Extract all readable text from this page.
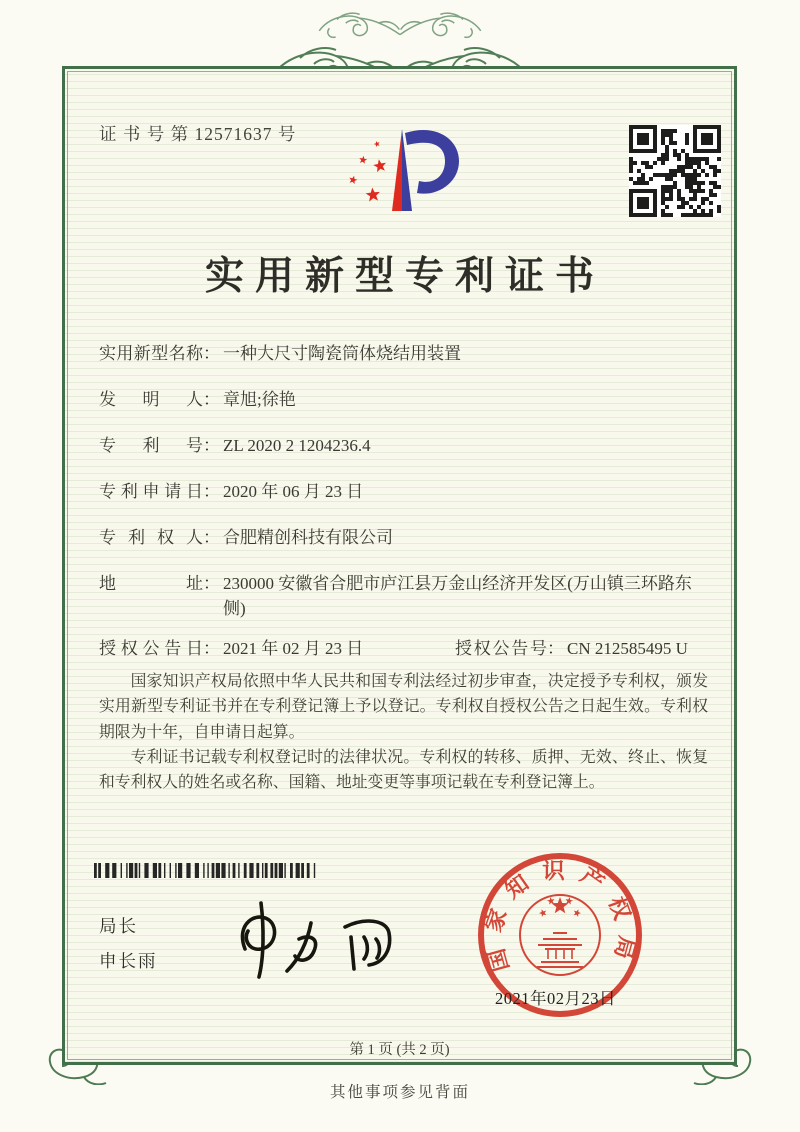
证 书 号 第 12571637 号
实用新型专利证书
实用新型名称 ： 一种大尺寸陶瓷筒体烧结用装置
发明人 ： 章旭;徐艳
专利号 ： ZL 2020 2 1204236.4
专利申请日 ： 2020 年 06 月 23 日
专利权人 ： 合肥精创科技有限公司
地址 ： 230000 安徽省合肥市庐江县万金山经济开发区(万山镇三环路东侧)
授权公告日 ： 2021 年 02 月 23 日	授权公告号 ： CN 212585495 U

国家知识产权局依照中华人民共和国专利法经过初步审查，决定授予专利权，颁发实用新型专利证书并在专利登记簿上予以登记。专利权自授权公告之日起生效。专利权期限为十年，自申请日起算。

专利证书记载专利权登记时的法律状况。专利权的转移、质押、无效、终止、恢复和专利权人的姓名或名称、国籍、地址变更等事项记载在专利登记簿上。

局长
申长雨	国家知识产权局
2021年02月23日
第 1 页 (共 2 页)
其他事项参见背面
